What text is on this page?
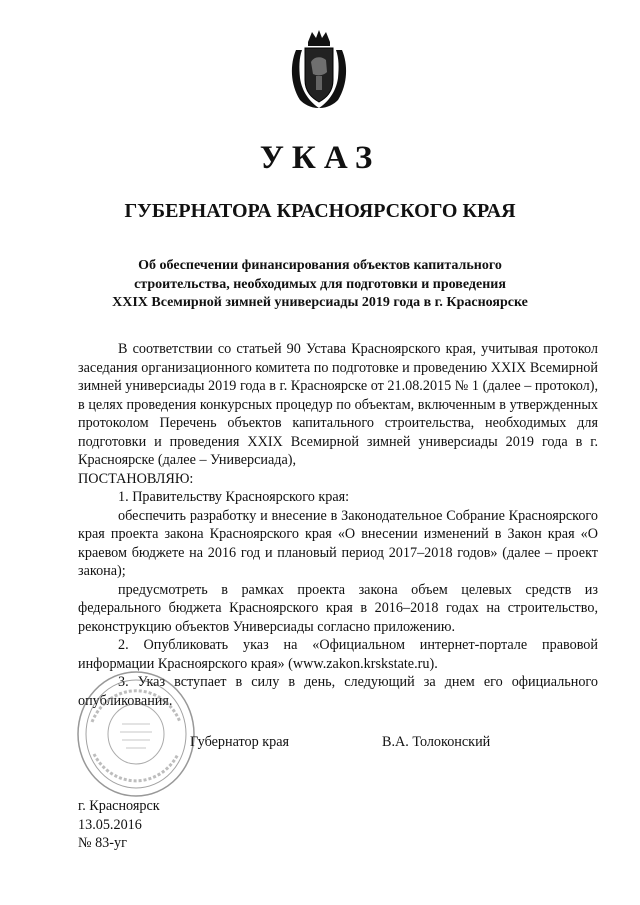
УКАЗ
ГУБЕРНАТОРА КРАСНОЯРСКОГО КРАЯ
Об обеспечении финансирования объектов капитального
строительства, необходимых для подготовки и проведения
XXIX Всемирной зимней универсиады 2019 года в г. Красноярске

В соответствии со статьей 90 Устава Красноярского края, учитывая протокол заседания организационного комитета по подготовке и проведению XXIX Всемирной зимней универсиады 2019 года в г. Красноярске от 21.08.2015 № 1 (далее – протокол), в целях проведения конкурсных процедур по объектам, включенным в утвержденных протоколом Перечень объектов капитального строительства, необходимых для подготовки и проведения XXIX Всемирной зимней универсиады 2019 года в г. Красноярске (далее – Универсиада),

ПОСТАНОВЛЯЮ:

1. Правительству Красноярского края:

обеспечить разработку и внесение в Законодательное Собрание Красноярского края проекта закона Красноярского края «О внесении изменений в Закон края «О краевом бюджете на 2016 год и плановый период 2017–2018 годов» (далее – проект закона);

предусмотреть в рамках проекта закона объем целевых средств из федерального бюджета Красноярского края в 2016–2018 годах на строительство, реконструкцию объектов Универсиады согласно приложению.

2. Опубликовать указ на «Официальном интернет-портале правовой информации Красноярского края» (www.zakon.krskstate.ru).

3. Указ вступает в силу в день, следующий за днем его официального опубликования.

Губернатор края	В.А. Толоконский
г. Красноярск
13.05.2016
№ 83-уг
